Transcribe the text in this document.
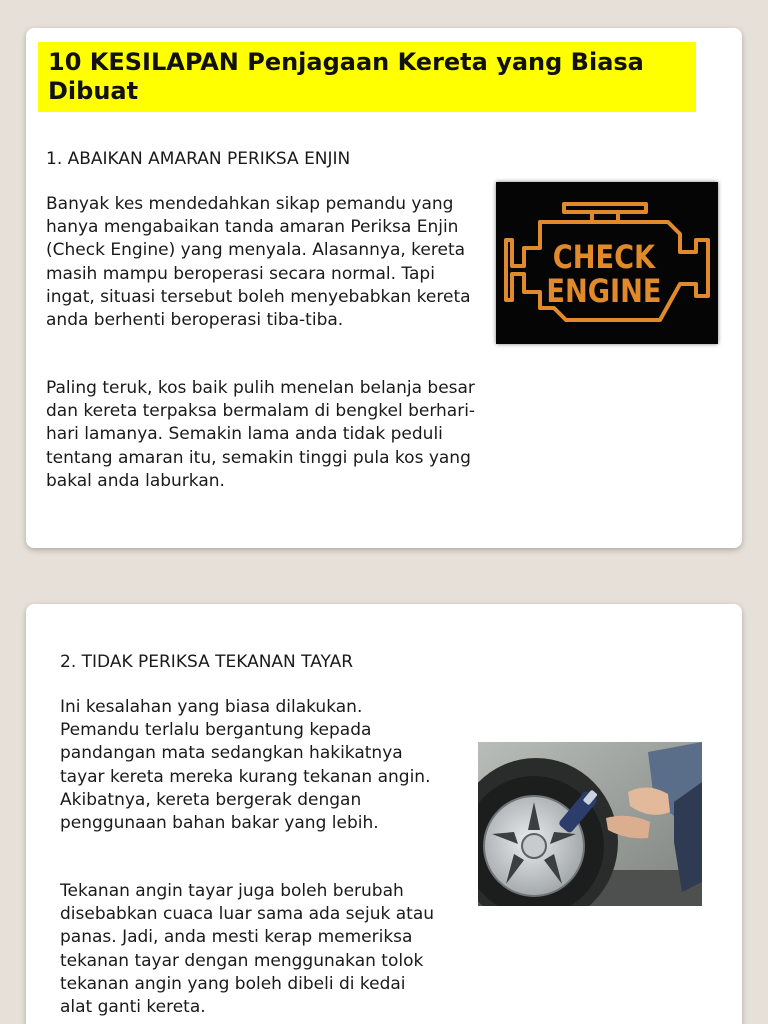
10 KESILAPAN Penjagaan Kereta yang Biasa Dibuat

1. ABAIKAN AMARAN PERIKSA ENJIN

Banyak kes mendedahkan sikap pemandu yang hanya mengabaikan tanda amaran Periksa Enjin (Check Engine) yang menyala. Alasannya, kereta masih mampu beroperasi secara normal. Tapi ingat, situasi tersebut boleh menyebabkan kereta anda berhenti beroperasi tiba-tiba.

Paling teruk, kos baik pulih menelan belanja besar dan kereta terpaksa bermalam di bengkel berhari-hari lamanya. Semakin lama anda tidak peduli tentang amaran itu, semakin tinggi pula kos yang bakal anda laburkan.

CHECK
ENGINE

2. TIDAK PERIKSA TEKANAN TAYAR

Ini kesalahan yang biasa dilakukan. Pemandu terlalu bergantung kepada pandangan mata sedangkan hakikatnya tayar kereta mereka kurang tekanan angin. Akibatnya, kereta bergerak dengan penggunaan bahan bakar yang lebih.

Tekanan angin tayar juga boleh berubah disebabkan cuaca luar sama ada sejuk atau panas. Jadi, anda mesti kerap memeriksa tekanan tayar dengan menggunakan tolok tekanan angin yang boleh dibeli di kedai alat ganti kereta.
